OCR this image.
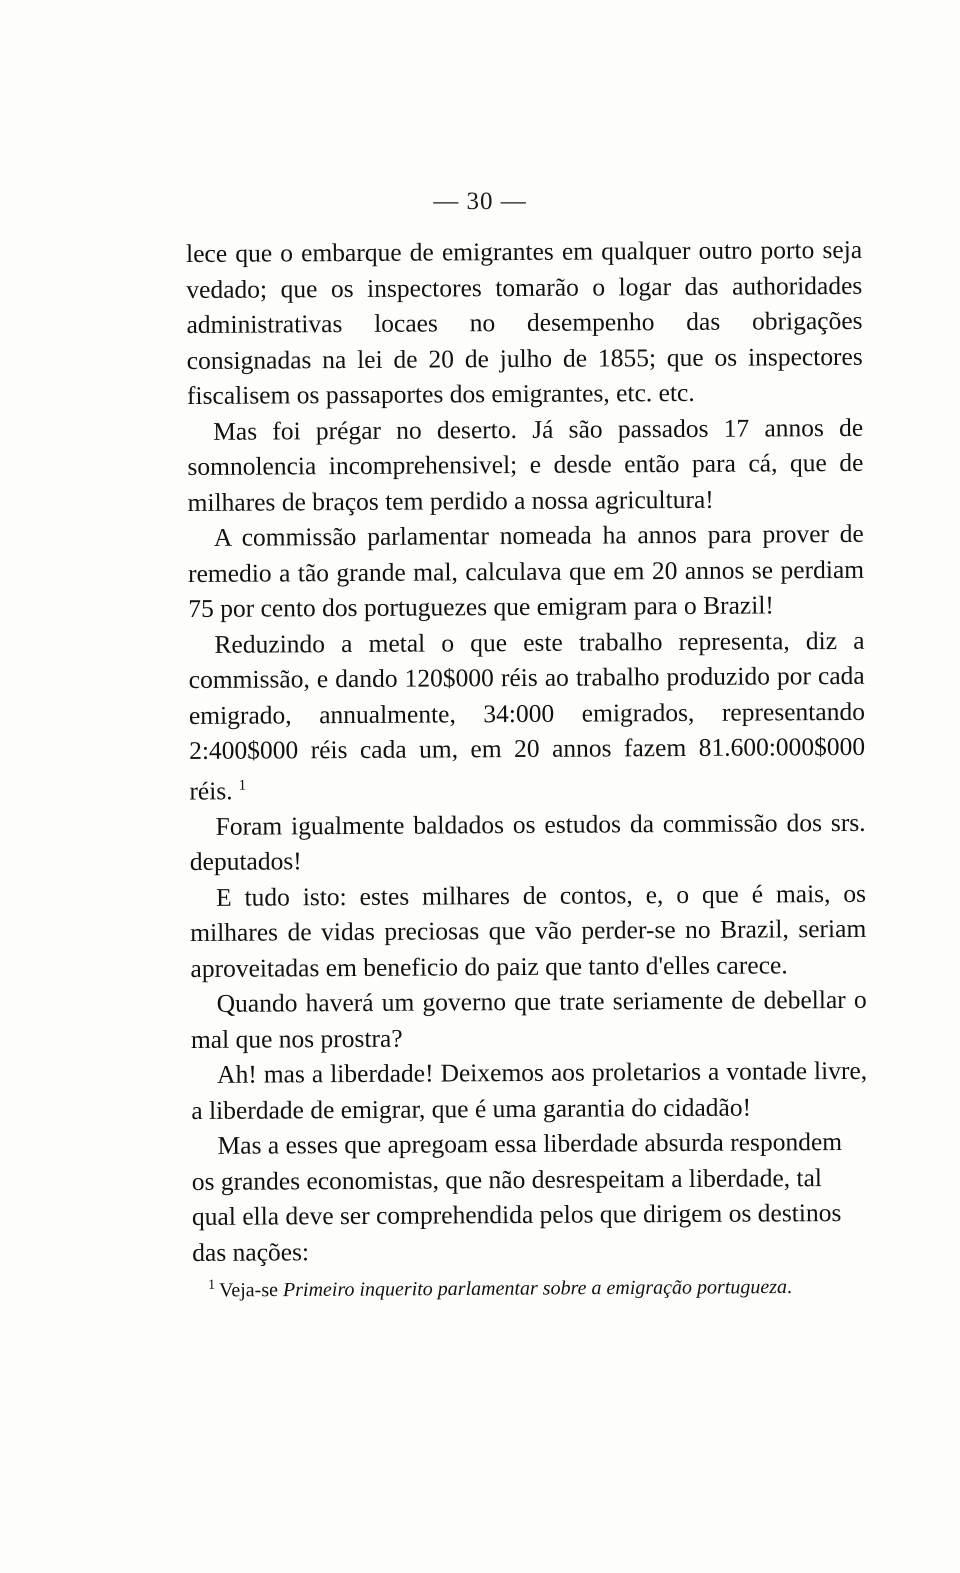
— 30 —

lece que o embarque de emigrantes em qualquer outro porto seja vedado; que os inspectores tomarão o logar das authoridades administrativas locaes no desempenho das obrigações consignadas na lei de 20 de julho de 1855; que os inspectores fiscalisem os passaportes dos emigrantes, etc. etc.

Mas foi prégar no deserto. Já são passados 17 annos de somnolencia incomprehensivel; e desde então para cá, que de milhares de braços tem perdido a nossa agricultura!

A commissão parlamentar nomeada ha annos para prover de remedio a tão grande mal, calculava que em 20 annos se perdiam 75 por cento dos portuguezes que emigram para o Brazil!

Reduzindo a metal o que este trabalho representa, diz a commissão, e dando 120$000 réis ao trabalho produzido por cada emigrado, annualmente, 34:000 emigrados, representando 2:400$000 réis cada um, em 20 annos fazem 81.600:000$000 réis. $^1$

Foram igualmente baldados os estudos da commissão dos srs. deputados!

E tudo isto: estes milhares de contos, e, o que é mais, os milhares de vidas preciosas que vão perder-se no Brazil, seriam aproveitadas em beneficio do paiz que tanto d'elles carece.

Quando haverá um governo que trate seriamente de debellar o mal que nos prostra?

Ah! mas a liberdade! Deixemos aos proletarios a vontade livre, a liberdade de emigrar, que é uma garantia do cidadão!

Mas a esses que apregoam essa liberdade absurda respondem os grandes economistas, que não desrespeitam a liberdade, tal qual ella deve ser comprehendida pelos que dirigem os destinos das nações:

$^1$ Veja-se Primeiro inquerito parlamentar sobre a emigração portugueza.
